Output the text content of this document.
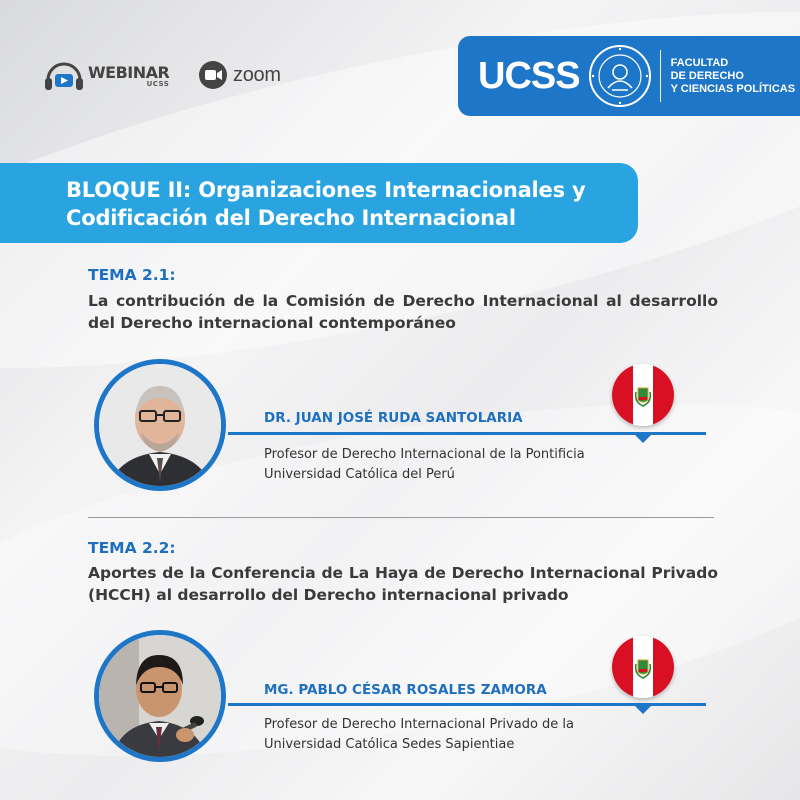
WEBINAR
UCSS	zoom	UCSS	FACULTAD
DE DERECHO
Y CIENCIAS POLÍTICAS
BLOQUE II: Organizaciones Internacionales y
Codificación del Derecho Internacional
TEMA 2.1:
La contribución de la Comisión de Derecho Internacional al desarrollo del Derecho internacional contemporáneo
DR. JUAN JOSÉ RUDA SANTOLARIA
Profesor de Derecho Internacional de la Pontificia
Universidad Católica del Perú
TEMA 2.2:
Aportes de la Conferencia de La Haya de Derecho Internacional Privado (HCCH) al desarrollo del Derecho internacional privado
MG. PABLO CÉSAR ROSALES ZAMORA
Profesor de Derecho Internacional Privado de la
Universidad Católica Sedes Sapientiae
